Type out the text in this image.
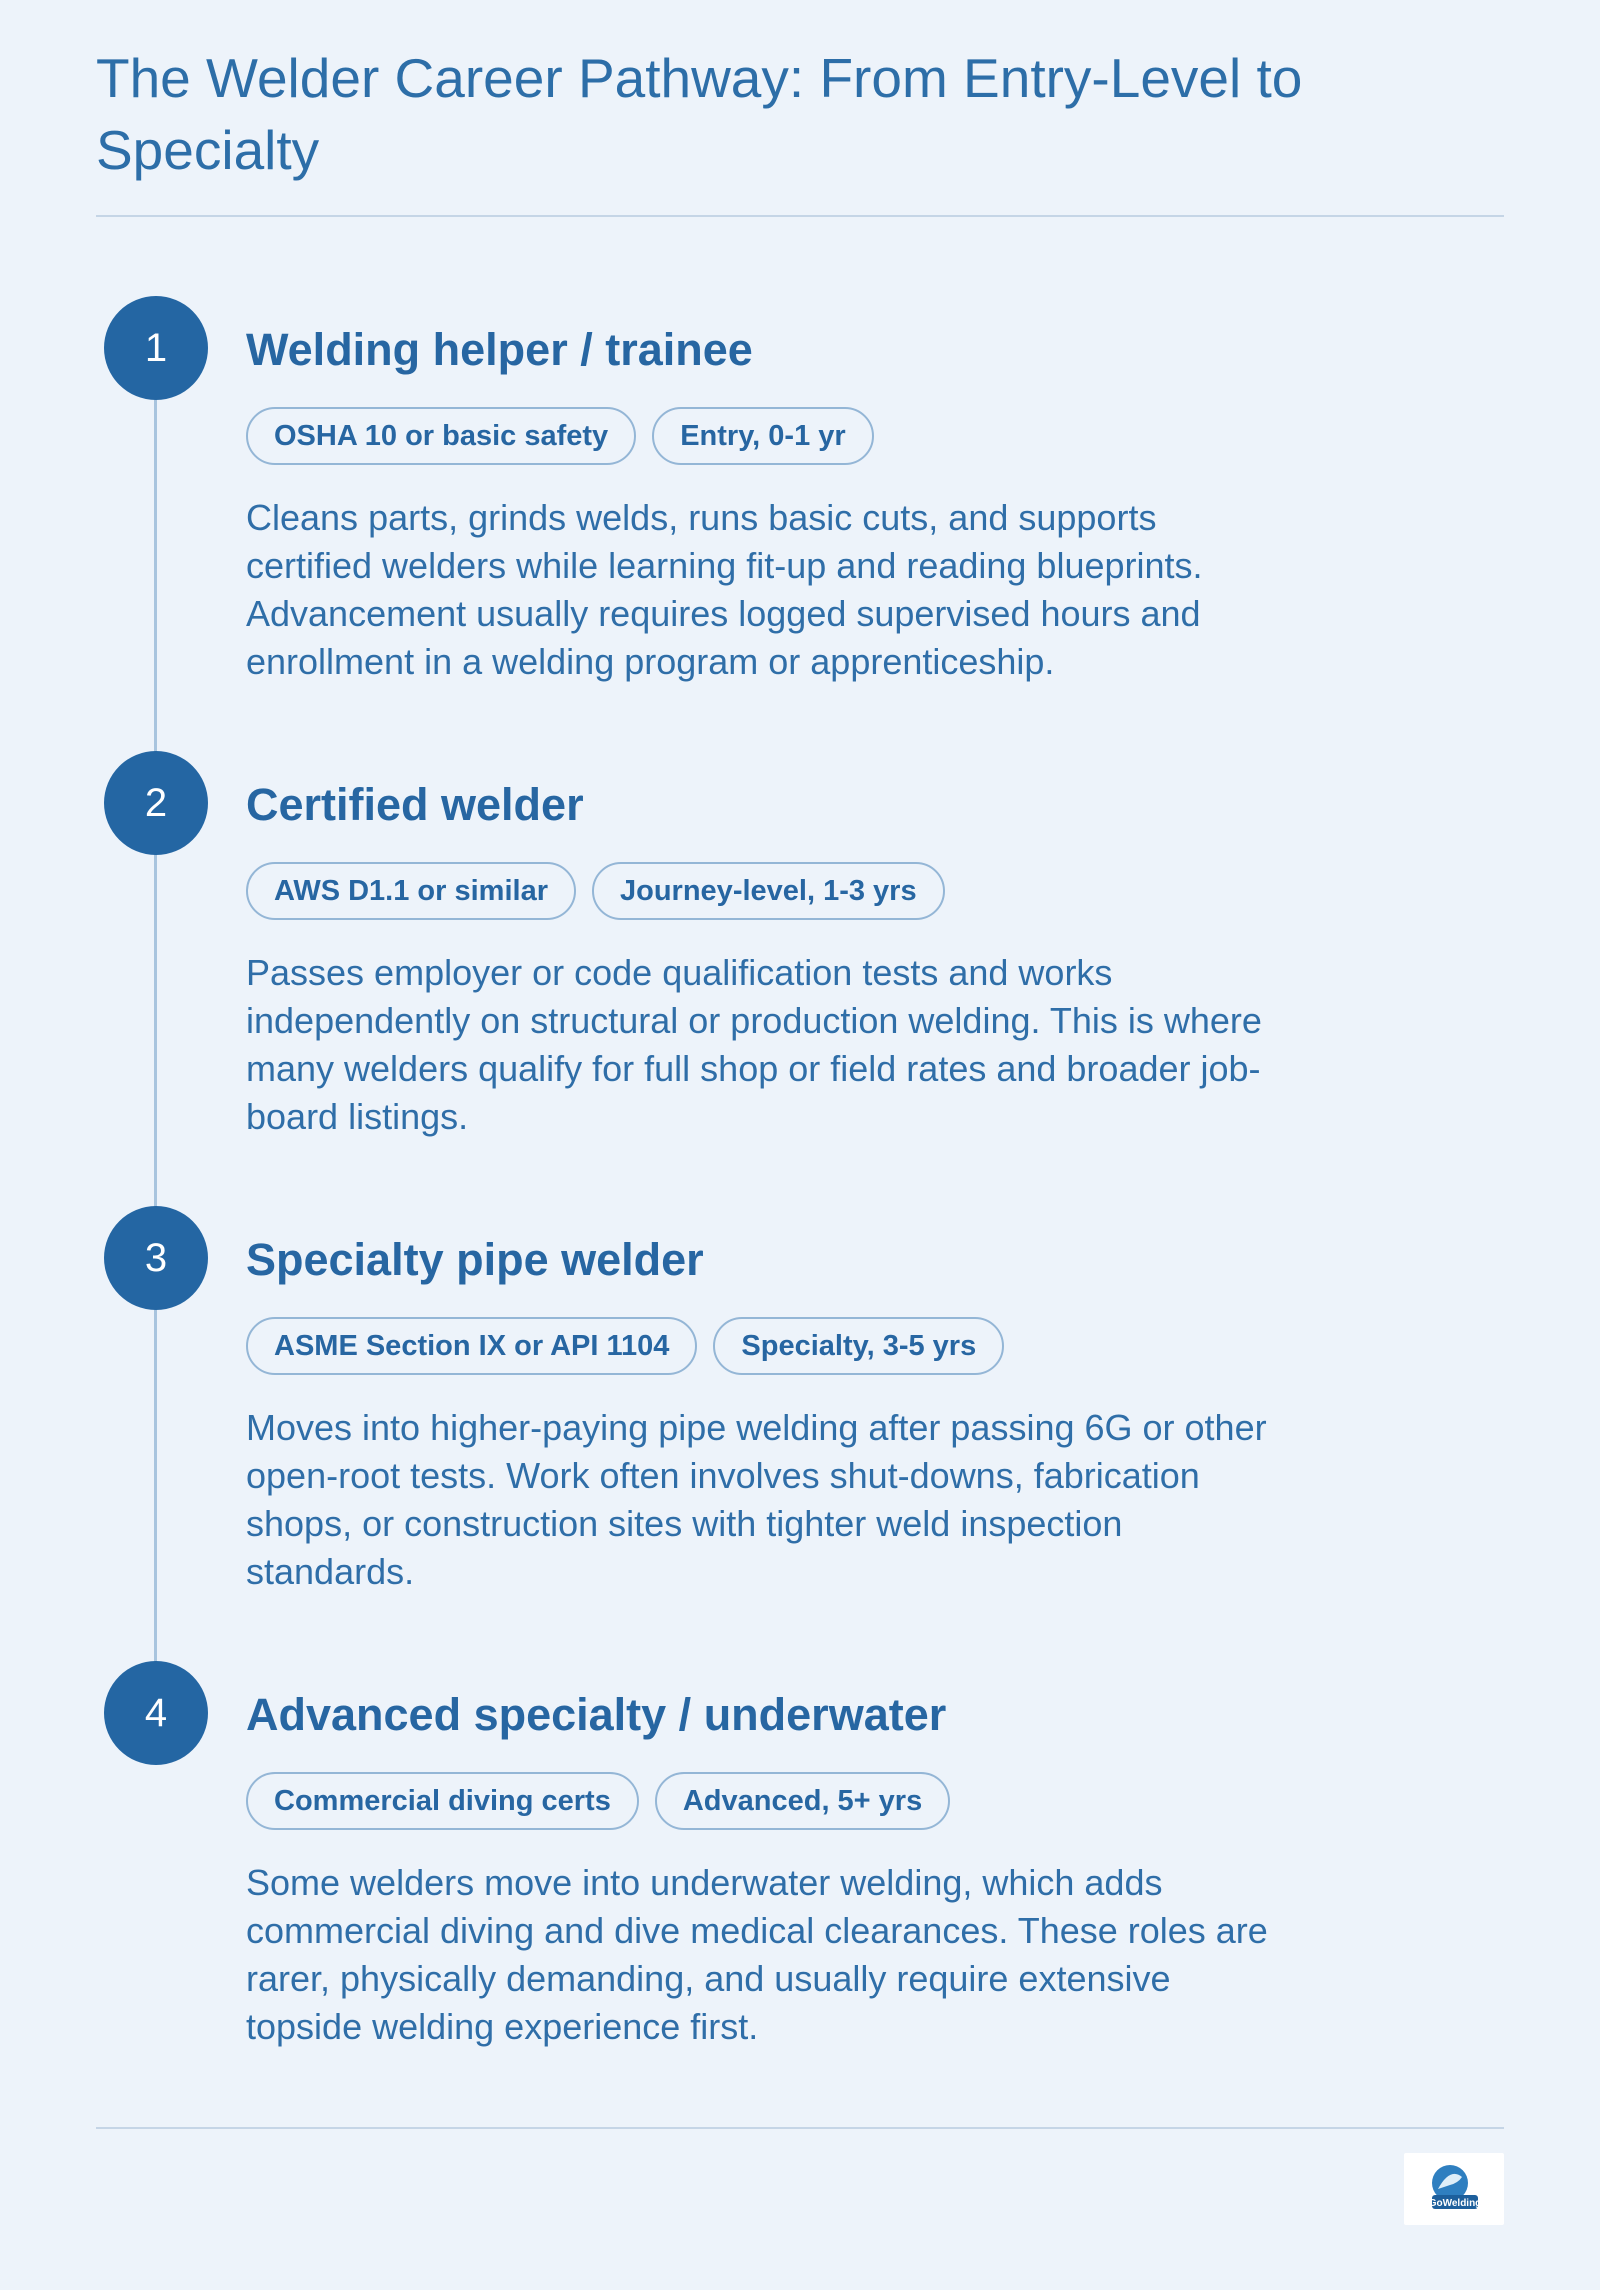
The Welder Career Pathway: From Entry-Level to Specialty
1	Welding helper / trainee
OSHA 10 or basic safety	Entry, 0-1 yr

Cleans parts, grinds welds, runs basic cuts, and supports certified welders while learning fit-up and reading blueprints. Advancement usually requires logged supervised hours and enrollment in a welding program or apprenticeship.

2	Certified welder
AWS D1.1 or similar	Journey-level, 1-3 yrs

Passes employer or code qualification tests and works independently on structural or production welding. This is where many welders qualify for full shop or field rates and broader job-board listings.

3	Specialty pipe welder
ASME Section IX or API 1104	Specialty, 3-5 yrs

Moves into higher-paying pipe welding after passing 6G or other open-root tests. Work often involves shut-downs, fabrication shops, or construction sites with tighter weld inspection standards.

4	Advanced specialty / underwater
Commercial diving certs	Advanced, 5+ yrs

Some welders move into underwater welding, which adds commercial diving and dive medical clearances. These roles are rarer, physically demanding, and usually require extensive topside welding experience first.

GoWelding
